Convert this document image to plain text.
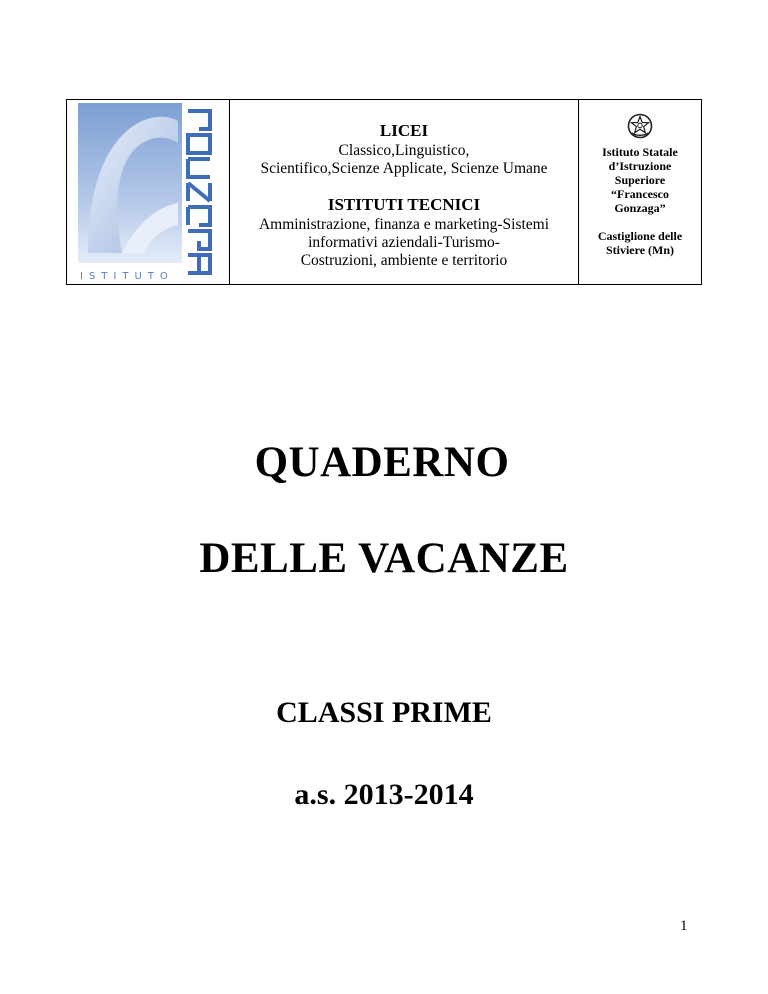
ISTITUTO
LICEI
Classico,Linguistico,
Scientifico,Scienze Applicate, Scienze Umane
ISTITUTI TECNICI
Amministrazione, finanza e marketing-Sistemi
informativi aziendali-Turismo-
Costruzioni, ambiente e territorio
Istituto Statale
d’Istruzione
Superiore
“Francesco
Gonzaga”
Castiglione delle
Stiviere (Mn)
QUADERNO
DELLE VACANZE
CLASSI PRIME
a.s. 2013-2014
1
